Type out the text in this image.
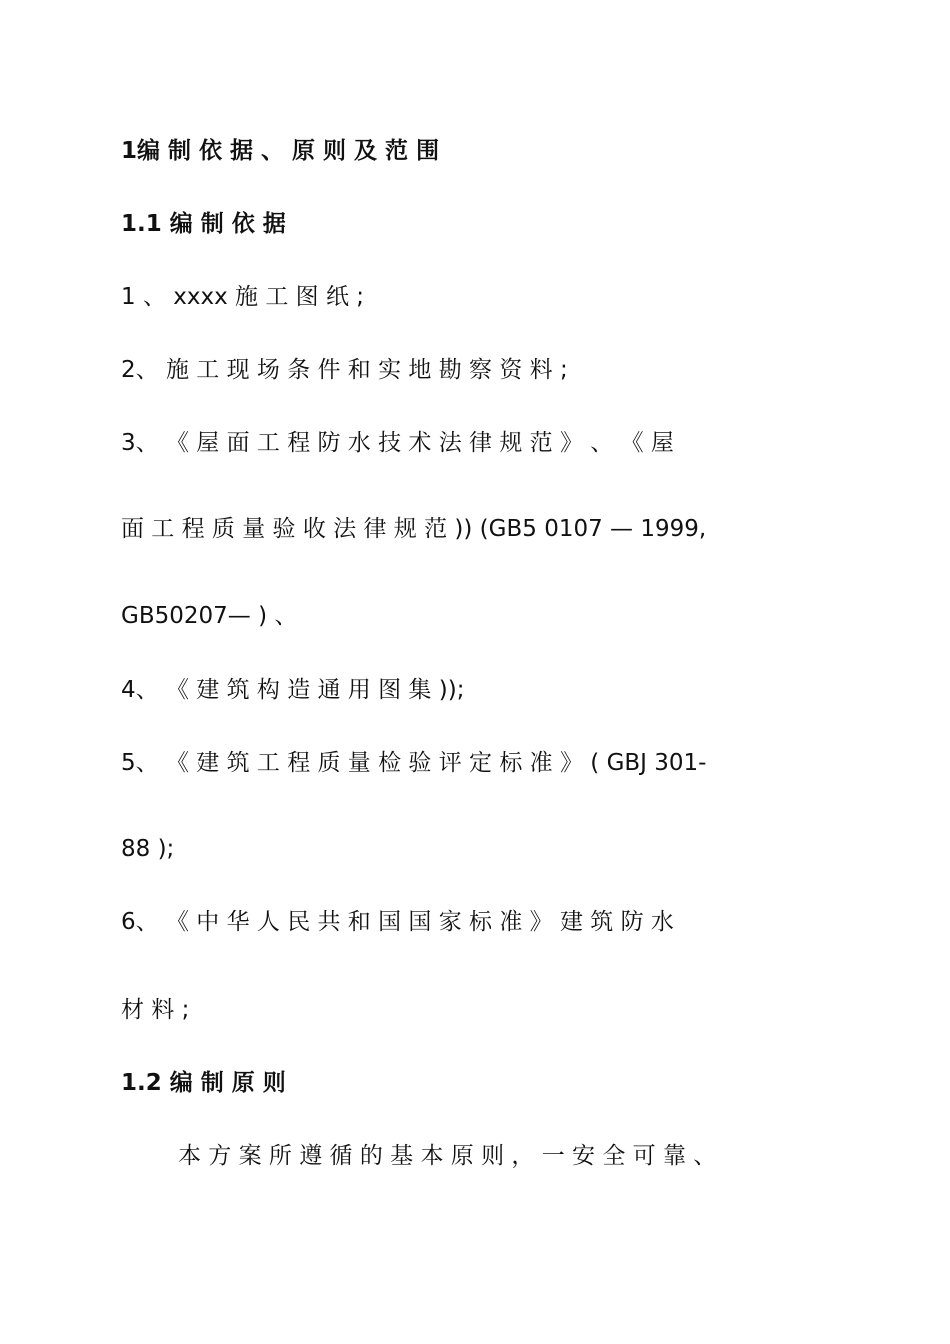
1编 制 依 据 、 原 则 及 范 围
1.1 编 制 依 据
1 、 xxxx 施 工 图 纸 ;
2、 施 工 现 场 条 件 和 实 地 勘 察 资 料 ;
3、 《 屋 面 工 程 防 水 技 术 法 律 规 范 》 、 《 屋
面 工 程 质 量 验 收 法 律 规 范 )) (GB5 0107 — 1999,
GB50207— ) 、
4、 《 建 筑 构 造 通 用 图 集 ));
5、 《 建 筑 工 程 质 量 检 验 评 定 标 准 》 ( GBJ 301-
88 );
6、 《 中 华 人 民 共 和 国 国 家 标 准 》 建 筑 防 水
材 料 ;
1.2 编 制 原 则
本 方 案 所 遵 循 的 基 本 原 则 ， 一 安 全 可 靠 、
